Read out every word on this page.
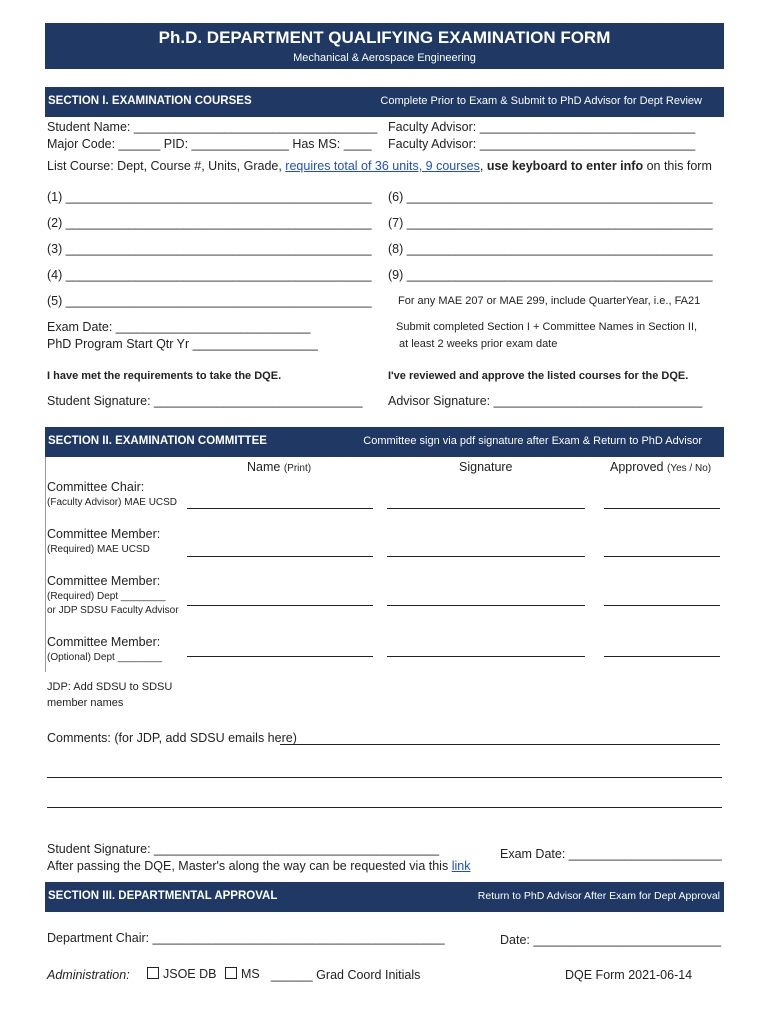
Ph.D. DEPARTMENT QUALIFYING EXAMINATION FORM
Mechanical & Aerospace Engineering
SECTION I. EXAMINATION COURSES	Complete Prior to Exam & Submit to PhD Advisor for Dept Review
Student Name: ___________________________________
Major Code: ______ PID: ______________ Has MS: ____
Faculty Advisor: _______________________________
Faculty Advisor: _______________________________
List Course: Dept, Course #, Units, Grade, requires total of 36 units, 9 courses, use keyboard to enter info on this form
(1) ____________________________________________
(2) ____________________________________________
(3) ____________________________________________
(4) ____________________________________________
(5) ____________________________________________
(6) ____________________________________________
(7) ____________________________________________
(8) ____________________________________________
(9) ____________________________________________
For any MAE 207 or MAE 299, include QuarterYear, i.e., FA21
Exam Date: ____________________________
PhD Program Start Qtr Yr __________________
Submit completed Section I + Committee Names in Section II,
at least 2 weeks prior exam date
I have met the requirements to take the DQE.	I've reviewed and approve the listed courses for the DQE.
Student Signature: ______________________________ Advisor Signature: ______________________________
SECTION II. EXAMINATION COMMITTEE	Committee sign via pdf signature after Exam & Return to PhD Advisor
Name (Print)	Signature	Approved (Yes / No)
Committee Chair:
(Faculty Advisor) MAE UCSD
Committee Member:
(Required) MAE UCSD
Committee Member:
(Required) Dept ________
or JDP SDSU Faculty Advisor
Committee Member:
(Optional) Dept ________
JDP: Add SDSU to SDSU
member names
Comments: (for JDP, add SDSU emails here)
Student Signature: _________________________________________
After passing the DQE, Master's along the way can be requested via this link
Exam Date: ______________________
SECTION III. DEPARTMENTAL APPROVAL	Return to PhD Advisor After Exam for Dept Approval
Department Chair: __________________________________________	Date: ___________________________
Administration:	JSOE DB	MS ______ Grad Coord Initials	DQE Form 2021-06-14
